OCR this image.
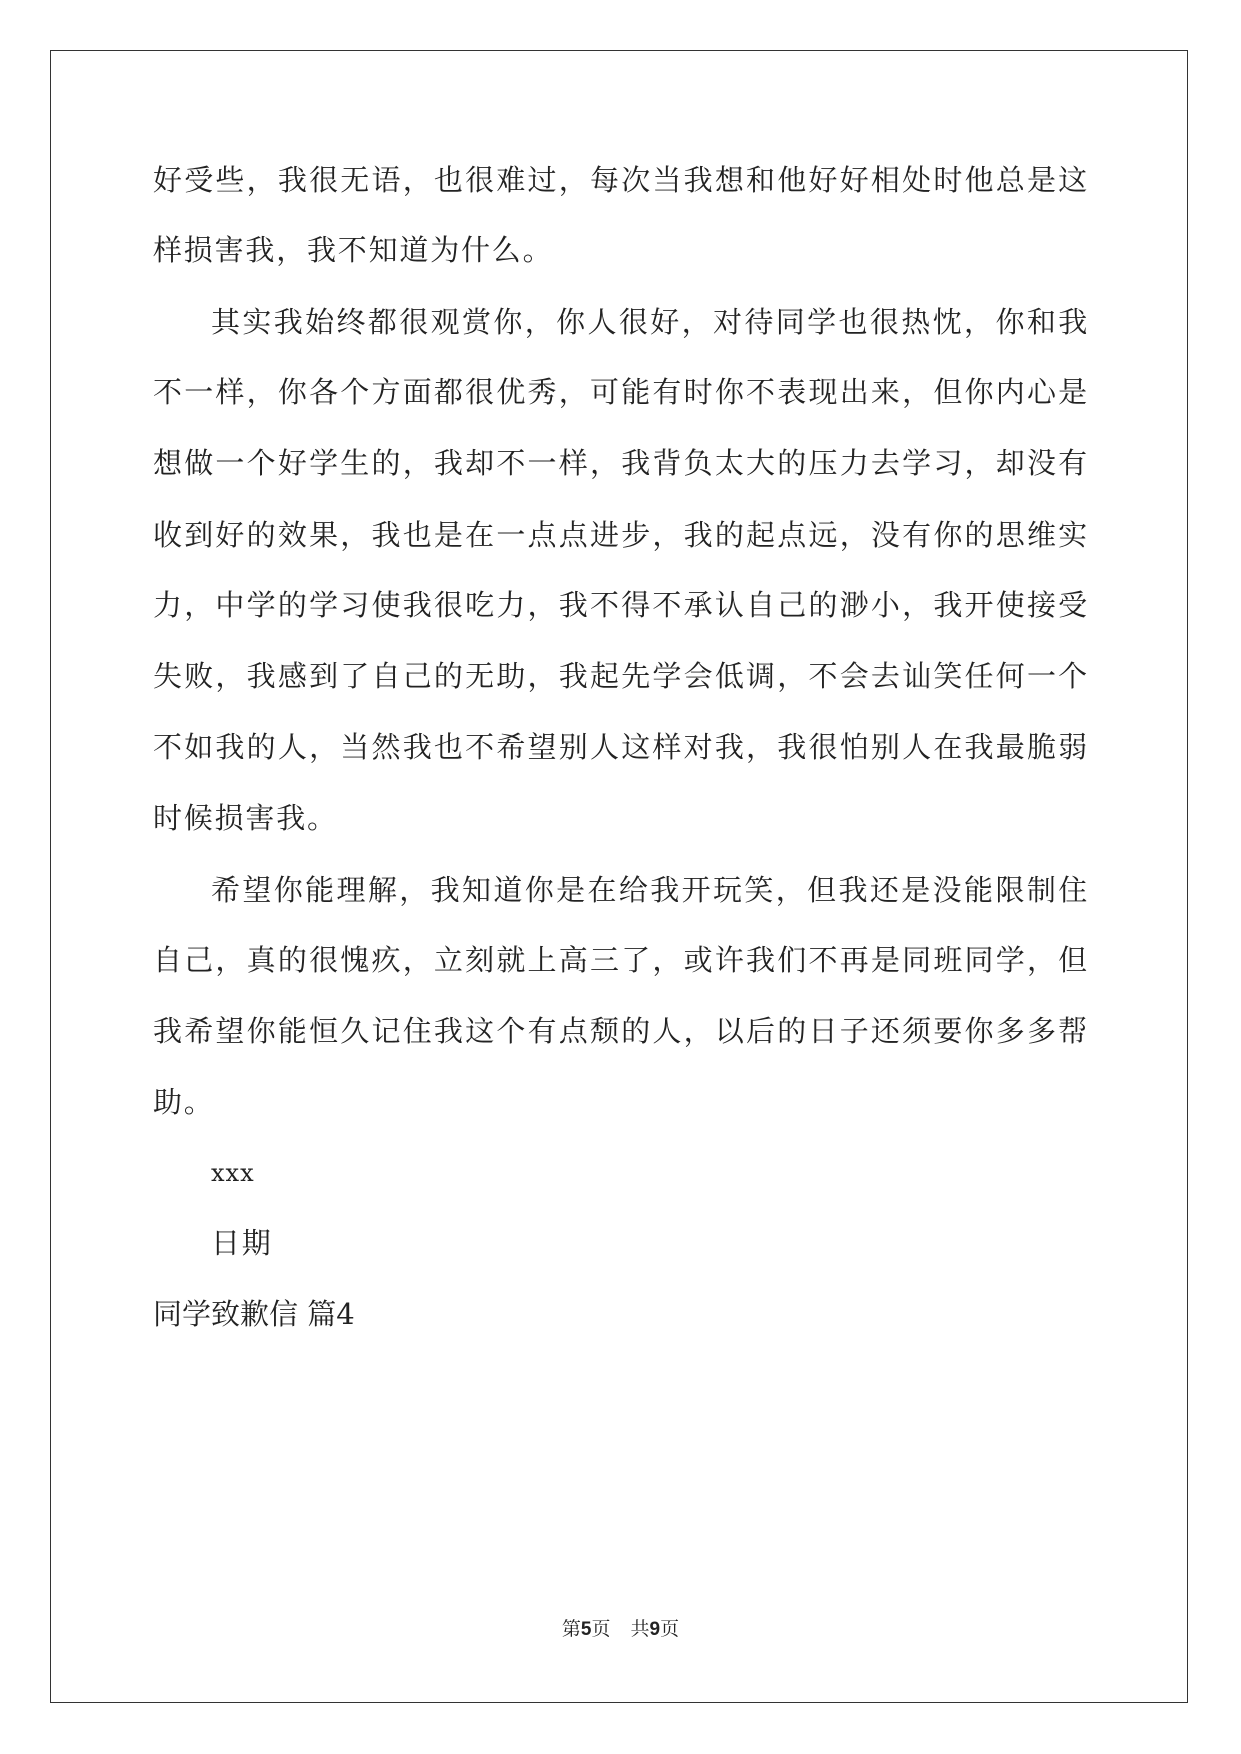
好受些，我很无语，也很难过，每次当我想和他好好相处时他总是这
样损害我，我不知道为什么。
其实我始终都很观赏你，你人很好，对待同学也很热忱，你和我
不一样，你各个方面都很优秀，可能有时你不表现出来，但你内心是
想做一个好学生的，我却不一样，我背负太大的压力去学习，却没有
收到好的效果，我也是在一点点进步，我的起点远，没有你的思维实
力，中学的学习使我很吃力，我不得不承认自己的渺小，我开使接受
失败，我感到了自己的无助，我起先学会低调，不会去讪笑任何一个
不如我的人，当然我也不希望别人这样对我，我很怕别人在我最脆弱
时候损害我。
希望你能理解，我知道你是在给我开玩笑，但我还是没能限制住
自己，真的很愧疚，立刻就上高三了，或许我们不再是同班同学，但
我希望你能恒久记住我这个有点颓的人，以后的日子还须要你多多帮
助。
xxx
日期
同学致歉信 篇4
第5页 共9页
